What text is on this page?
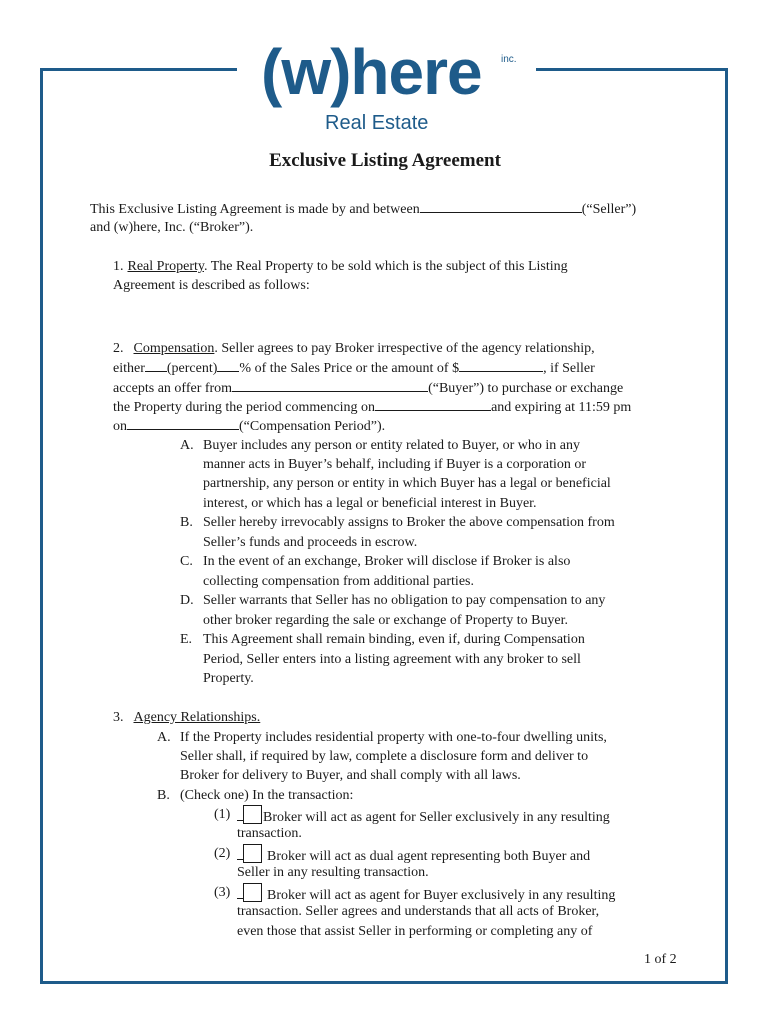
(w)here inc.
Real Estate
Exclusive Listing Agreement
This Exclusive Listing Agreement is made by and between	(“Seller”)
and (w)here, Inc. (“Broker”).
1. Real Property. The Real Property to be sold which is the subject of this Listing
Agreement is described as follows:
2. Compensation. Seller agrees to pay Broker irrespective of the agency relationship,
either (percent) % of the Sales Price or the amount of $	, if Seller
accepts an offer from	(“Buyer”) to purchase or exchange
the Property during the period commencing on	and expiring at 11:59 pm
on	(“Compensation Period”).
A. Buyer includes any person or entity related to Buyer, or who in any
manner acts in Buyer’s behalf, including if Buyer is a corporation or
partnership, any person or entity in which Buyer has a legal or beneficial
interest, or which has a legal or beneficial interest in Buyer.
B. Seller hereby irrevocably assigns to Broker the above compensation from
Seller’s funds and proceeds in escrow.
C. In the event of an exchange, Broker will disclose if Broker is also
collecting compensation from additional parties.
D. Seller warrants that Seller has no obligation to pay compensation to any
other broker regarding the sale or exchange of Property to Buyer.
E. This Agreement shall remain binding, even if, during Compensation
Period, Seller enters into a listing agreement with any broker to sell
Property.
3. Agency Relationships.
A. If the Property includes residential property with one-to-four dwelling units,
Seller shall, if required by law, complete a disclosure form and deliver to
Broker for delivery to Buyer, and shall comply with all laws.
B. (Check one) In the transaction:
(1)	Broker will act as agent for Seller exclusively in any resulting
transaction.
(2)	Broker will act as dual agent representing both Buyer and
Seller in any resulting transaction.
(3)	Broker will act as agent for Buyer exclusively in any resulting
transaction. Seller agrees and understands that all acts of Broker,
even those that assist Seller in performing or completing any of
1 of 2
